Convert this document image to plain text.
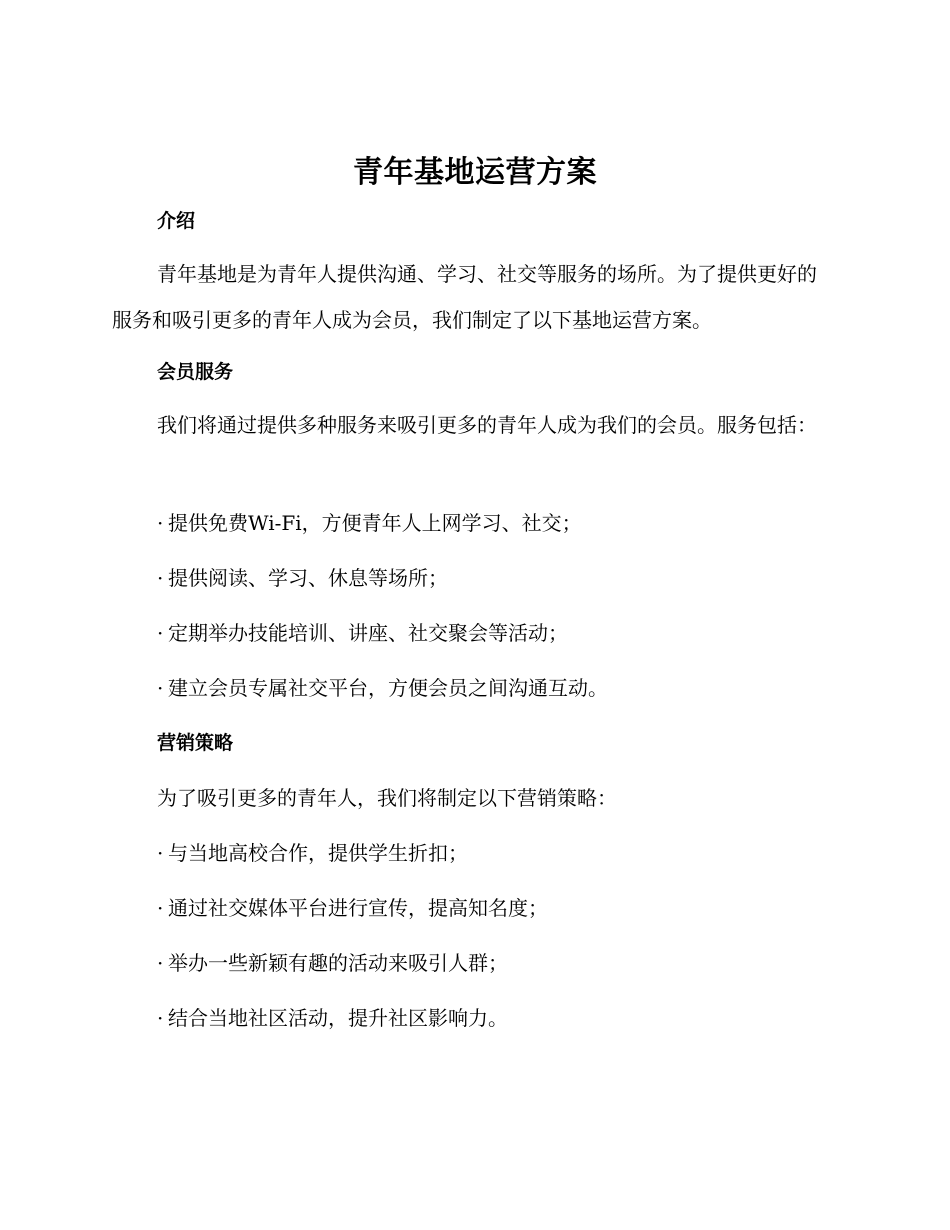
青年基地运营方案
介绍
青年基地是为青年人提供沟通、学习、社交等服务的场所。为了提供更好的服务和吸引更多的青年人成为会员，我们制定了以下基地运营方案。
会员服务
我们将通过提供多种服务来吸引更多的青年人成为我们的会员。服务包括：
· 提供免费Wi-Fi，方便青年人上网学习、社交；
· 提供阅读、学习、休息等场所；
· 定期举办技能培训、讲座、社交聚会等活动；
· 建立会员专属社交平台，方便会员之间沟通互动。
营销策略
为了吸引更多的青年人，我们将制定以下营销策略：
· 与当地高校合作，提供学生折扣；
· 通过社交媒体平台进行宣传，提高知名度；
· 举办一些新颖有趣的活动来吸引人群；
· 结合当地社区活动，提升社区影响力。
